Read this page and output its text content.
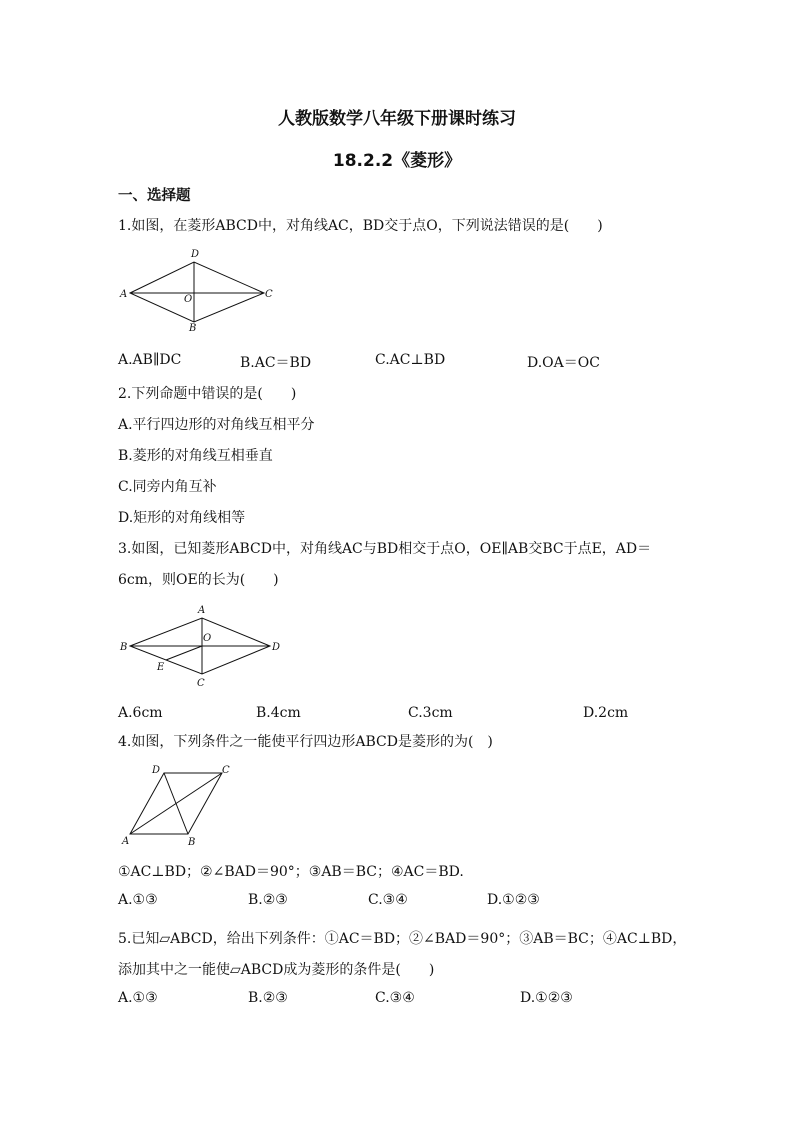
人教版数学八年级下册课时练习
18.2.2《菱形》
一、选择题
1.如图，在菱形ABCD中，对角线AC，BD交于点O，下列说法错误的是(　　)
A
D
C
B
O
A.AB∥DC	B.AC＝BD	C.AC⊥BD	D.OA＝OC
2.下列命题中错误的是(　　)
A.平行四边形的对角线互相平分
B.菱形的对角线互相垂直
C.同旁内角互补
D.矩形的对角线相等
3.如图，已知菱形ABCD中，对角线AC与BD相交于点O，OE∥AB交BC于点E，AD＝
6cm，则OE的长为(　　)
B
A
D
C
O
E
A.6cm	B.4cm	C.3cm	D.2cm
4.如图，下列条件之一能使平行四边形ABCD是菱形的为(　)
A	B
C
D
①AC⊥BD；②∠BAD＝90°；③AB＝BC；④AC＝BD.
A.①③	B.②③	C.③④	D.①②③
5.已知▱ABCD，给出下列条件：①AC＝BD；②∠BAD＝90°；③AB＝BC；④AC⊥BD，
添加其中之一能使▱ABCD成为菱形的条件是(　　)
A.①③	B.②③	C.③④	D.①②③
